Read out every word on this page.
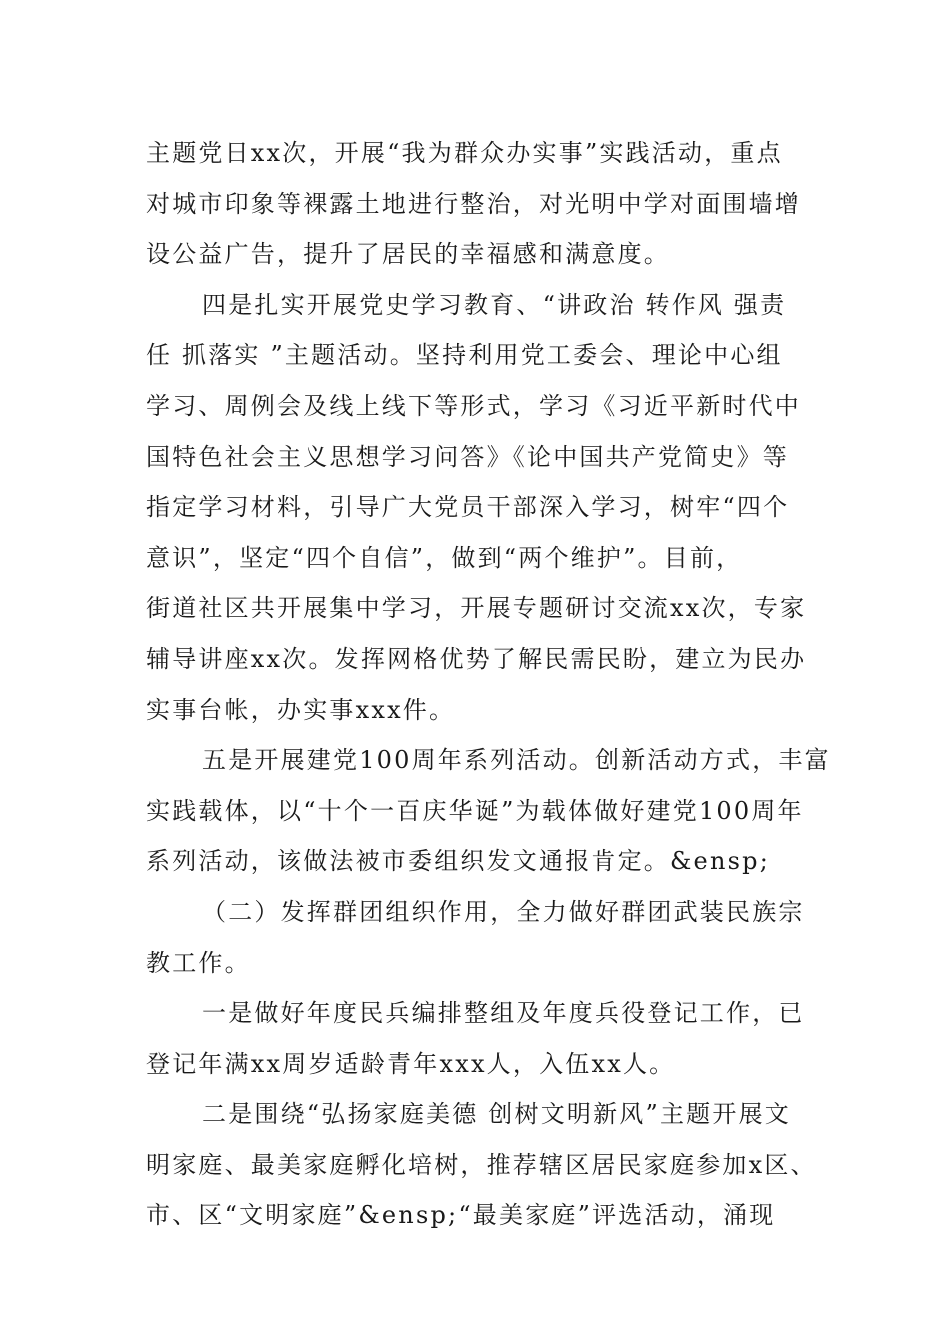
主题党日xx次，开展“我为群众办实事”实践活动，重点
对城市印象等裸露土地进行整治，对光明中学对面围墙增
设公益广告，提升了居民的幸福感和满意度。
四是扎实开展党史学习教育、“讲政治 转作风 强责
任 抓落实 ”主题活动。坚持利用党工委会、理论中心组
学习、周例会及线上线下等形式，学习《习近平新时代中
国特色社会主义思想学习问答》《论中国共产党简史》等
指定学习材料，引导广大党员干部深入学习，树牢“四个
意识”，坚定“四个自信”，做到“两个维护”。目前，
街道社区共开展集中学习，开展专题研讨交流xx次，专家
辅导讲座xx次。发挥网格优势了解民需民盼，建立为民办
实事台帐，办实事xxx件。
五是开展建党100周年系列活动。创新活动方式，丰富
实践载体，以“十个一百庆华诞”为载体做好建党100周年
系列活动，该做法被市委组织发文通报肯定。&ensp;
（二）发挥群团组织作用，全力做好群团武装民族宗
教工作。
一是做好年度民兵编排整组及年度兵役登记工作，已
登记年满xx周岁适龄青年xxx人，入伍xx人。
二是围绕“弘扬家庭美德 创树文明新风”主题开展文
明家庭、最美家庭孵化培树，推荐辖区居民家庭参加x区、
市、区“文明家庭”&ensp;“最美家庭”评选活动，涌现
